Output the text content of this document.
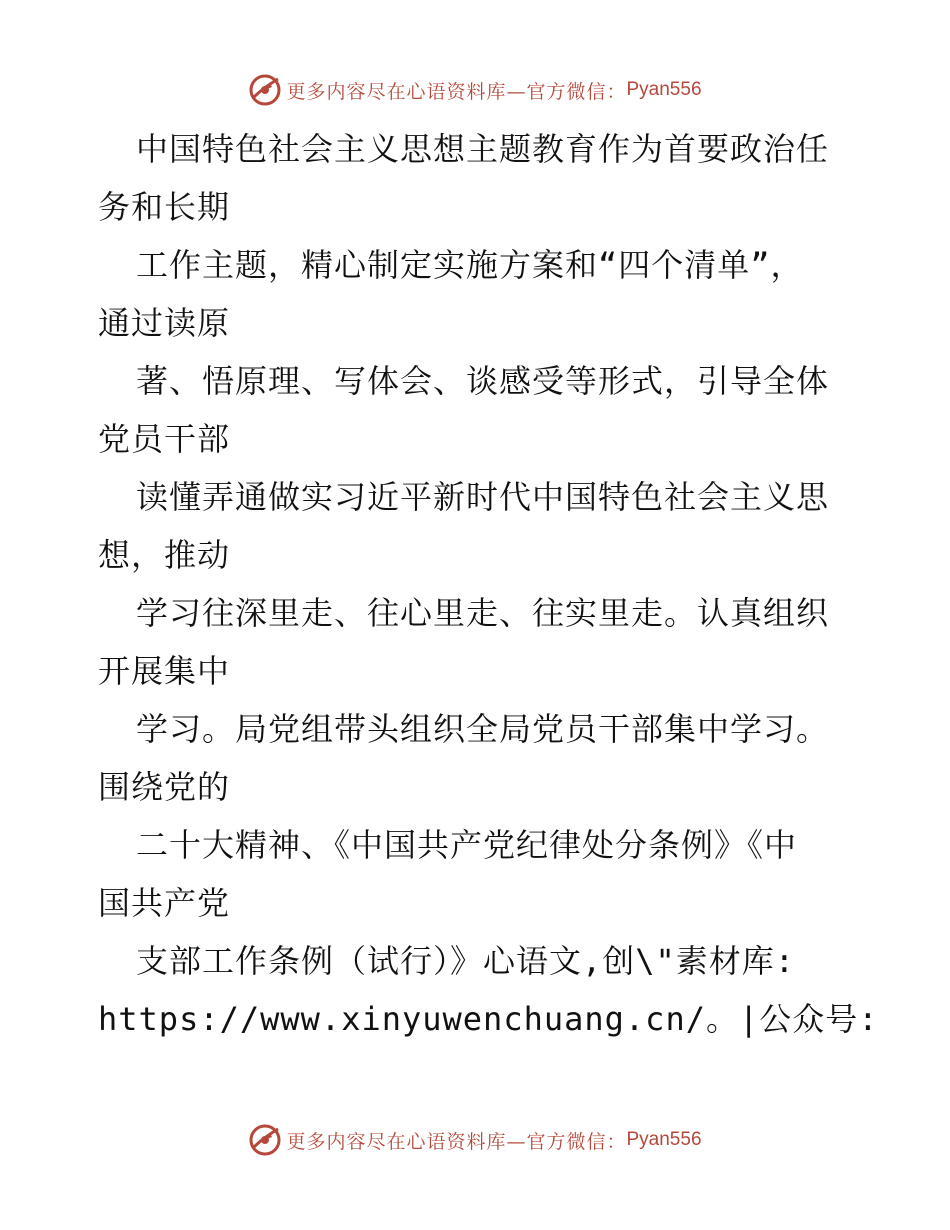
更多内容尽在心语资料库—官方微信： Pyan556
中国特色社会主义思想主题教育作为首要政治任
务和长期
工作主题，精心制定实施方案和“四个清单”，
通过读原
著、悟原理、写体会、谈感受等形式，引导全体
党员干部
读懂弄通做实习近平新时代中国特色社会主义思
想，推动
学习往深里走、往心里走、往实里走。认真组织
开展集中
学习。局党组带头组织全局党员干部集中学习。
围绕党的
二十大精神、《中国共产党纪律处分条例》《中
国共产党
支部工作条例（试行）》心语文,创\"素材库:
https://www.xinyuwenchuang.cn/。|公众号:
更多内容尽在心语资料库—官方微信： Pyan556
